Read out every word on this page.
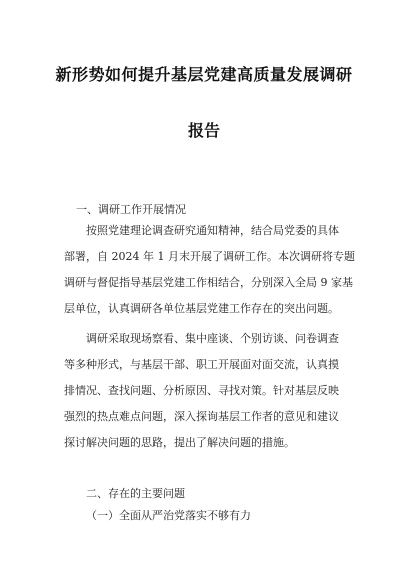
新形势如何提升基层党建高质量发展调研
报告
一、调研工作开展情况
按照党建理论调查研究通知精神，结合局党委的具体
部署，自 2024 年 1 月末开展了调研工作。本次调研将专题
调研与督促指导基层党建工作相结合，分别深入全局 9 家基
层单位，认真调研各单位基层党建工作存在的突出问题。
调研采取现场察看、集中座谈、个别访谈、问卷调查
等多种形式，与基层干部、职工开展面对面交流，认真摸
排情况、查找问题、分析原因、寻找对策。针对基层反映
强烈的热点难点问题，深入探询基层工作者的意见和建议
探讨解决问题的思路，提出了解决问题的措施。
二、存在的主要问题
（一）全面从严治党落实不够有力
